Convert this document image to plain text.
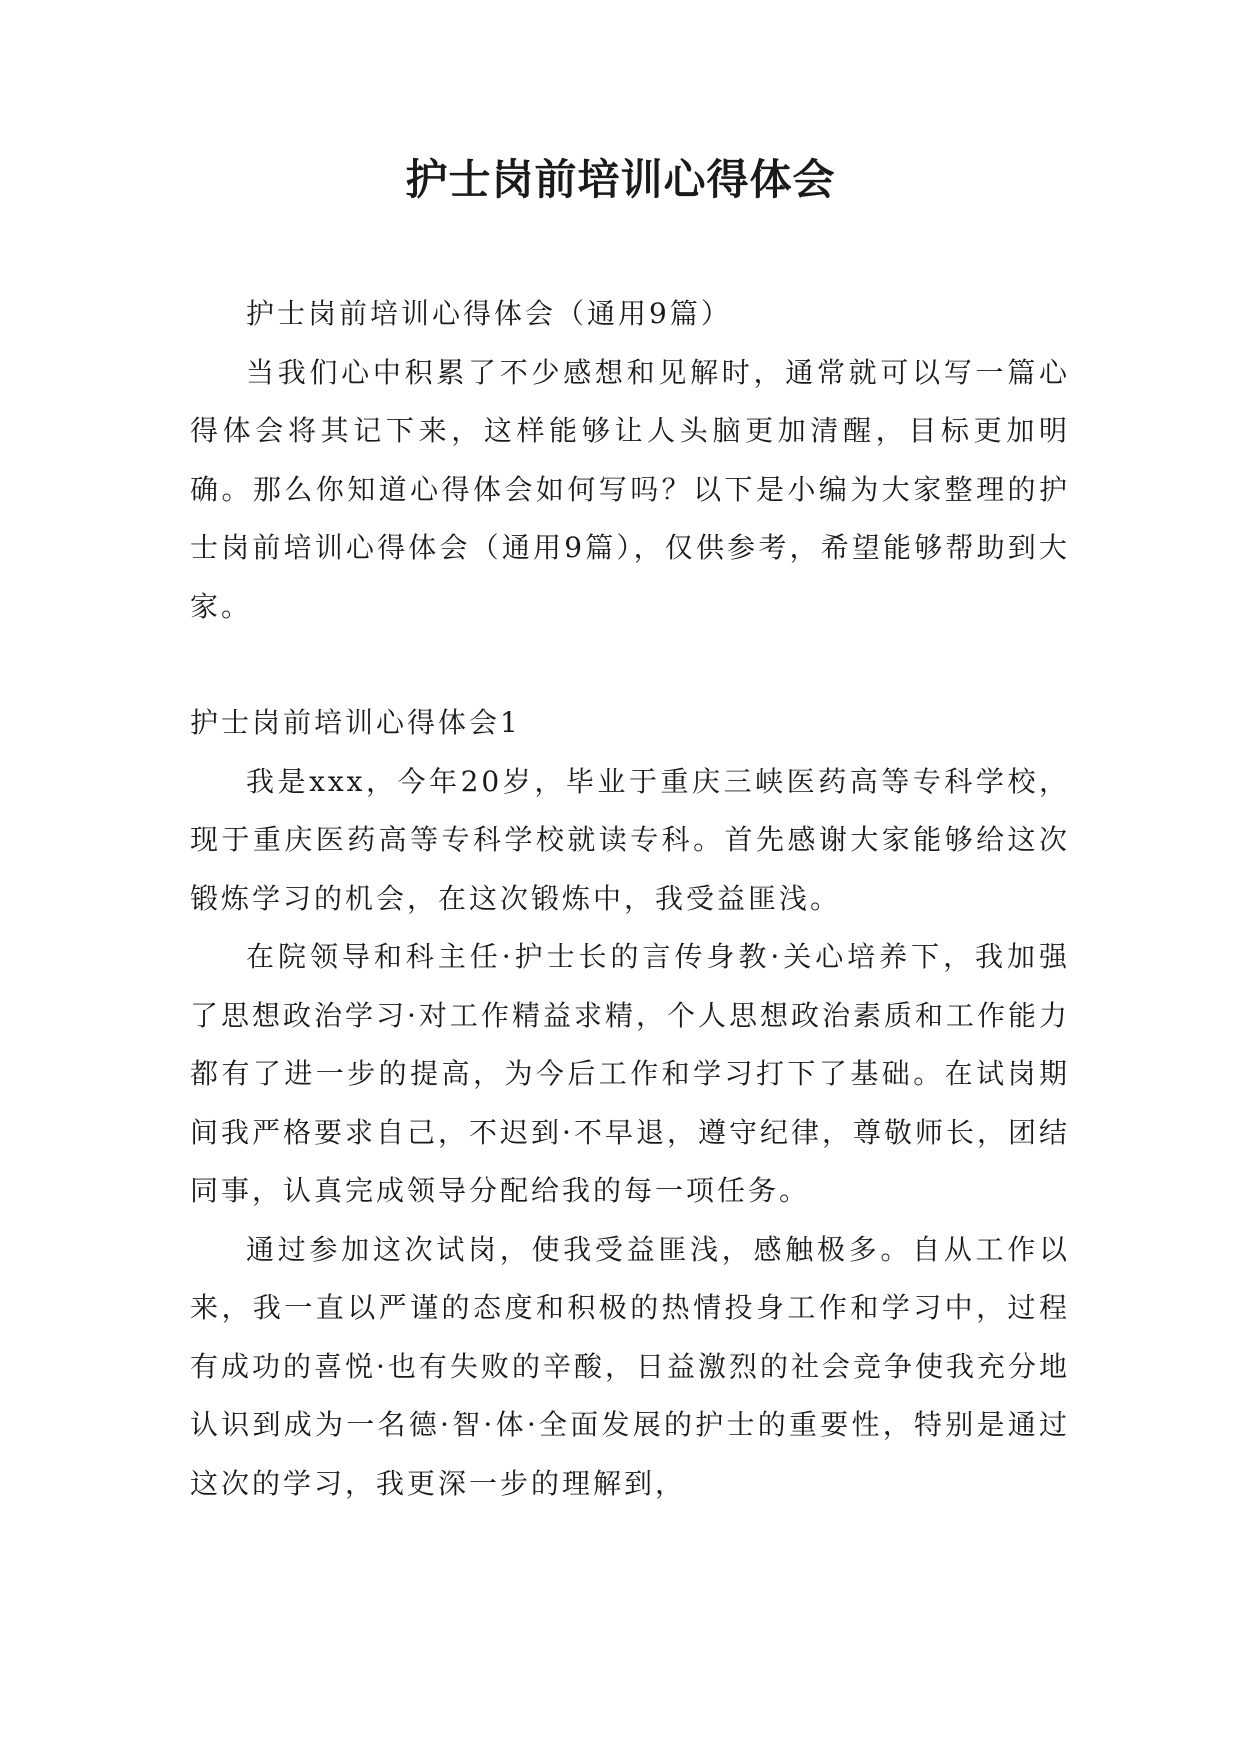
护士岗前培训心得体会

护士岗前培训心得体会（通用9篇）

当我们心中积累了不少感想和见解时，通常就可以写一篇心得体会将其记下来，这样能够让人头脑更加清醒，目标更加明确。那么你知道心得体会如何写吗？以下是小编为大家整理的护士岗前培训心得体会（通用9篇），仅供参考，希望能够帮助到大家。

护士岗前培训心得体会1

我是xxx，今年20岁，毕业于重庆三峡医药高等专科学校，现于重庆医药高等专科学校就读专科。首先感谢大家能够给这次锻炼学习的机会，在这次锻炼中，我受益匪浅。

在院领导和科主任·护士长的言传身教·关心培养下，我加强了思想政治学习·对工作精益求精，个人思想政治素质和工作能力都有了进一步的提高，为今后工作和学习打下了基础。在试岗期间我严格要求自己，不迟到·不早退，遵守纪律，尊敬师长，团结同事，认真完成领导分配给我的每一项任务。

通过参加这次试岗，使我受益匪浅，感触极多。自从工作以来，我一直以严谨的态度和积极的热情投身工作和学习中，过程有成功的喜悦·也有失败的辛酸，日益激烈的社会竞争使我充分地认识到成为一名德·智·体·全面发展的护士的重要性，特别是通过这次的学习，我更深一步的理解到，
